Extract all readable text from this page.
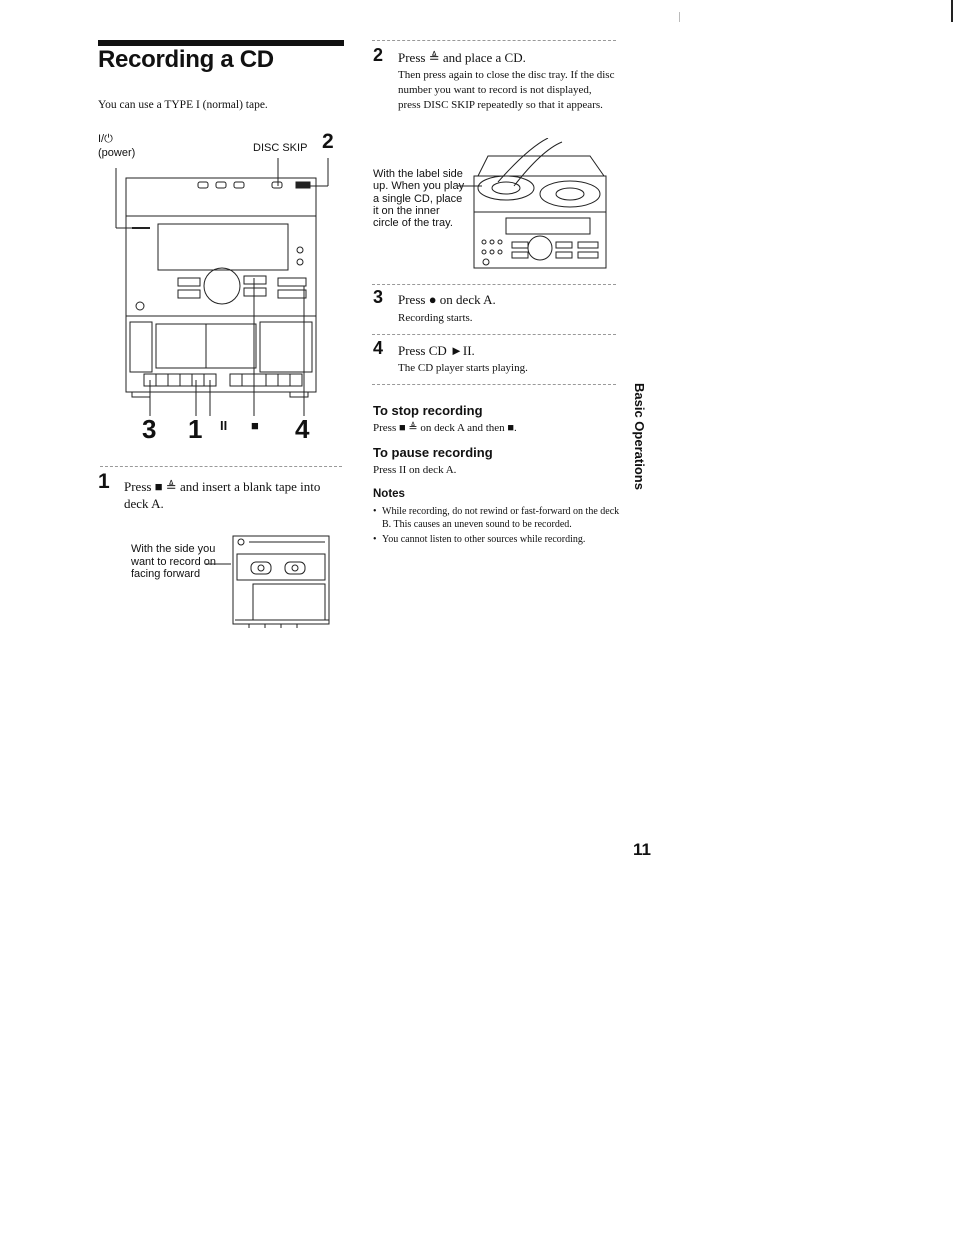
Recording a CD
You can use a TYPE I (normal) tape.
I/⏻
(power)	DISC SKIP 2
3 1 II ■ 4
1 Press ■ ≜ and insert a blank tape into deck A.
With the side you want to record on facing forward
2 Press ≜ and place a CD.
Then press again to close the disc tray. If the disc number you want to record is not displayed, press DISC SKIP repeatedly so that it appears.
With the label side up. When you play a single CD, place it on the inner circle of the tray.
3 Press ● on deck A.
Recording starts.
4 Press CD ►II.
The CD player starts playing.
To stop recording
Press ■ ≜ on deck A and then ■.
To pause recording
Press II on deck A.
Notes
• While recording, do not rewind or fast-forward on the deck B. This causes an uneven sound to be recorded.
• You cannot listen to other sources while recording.
Basic Operations
11
